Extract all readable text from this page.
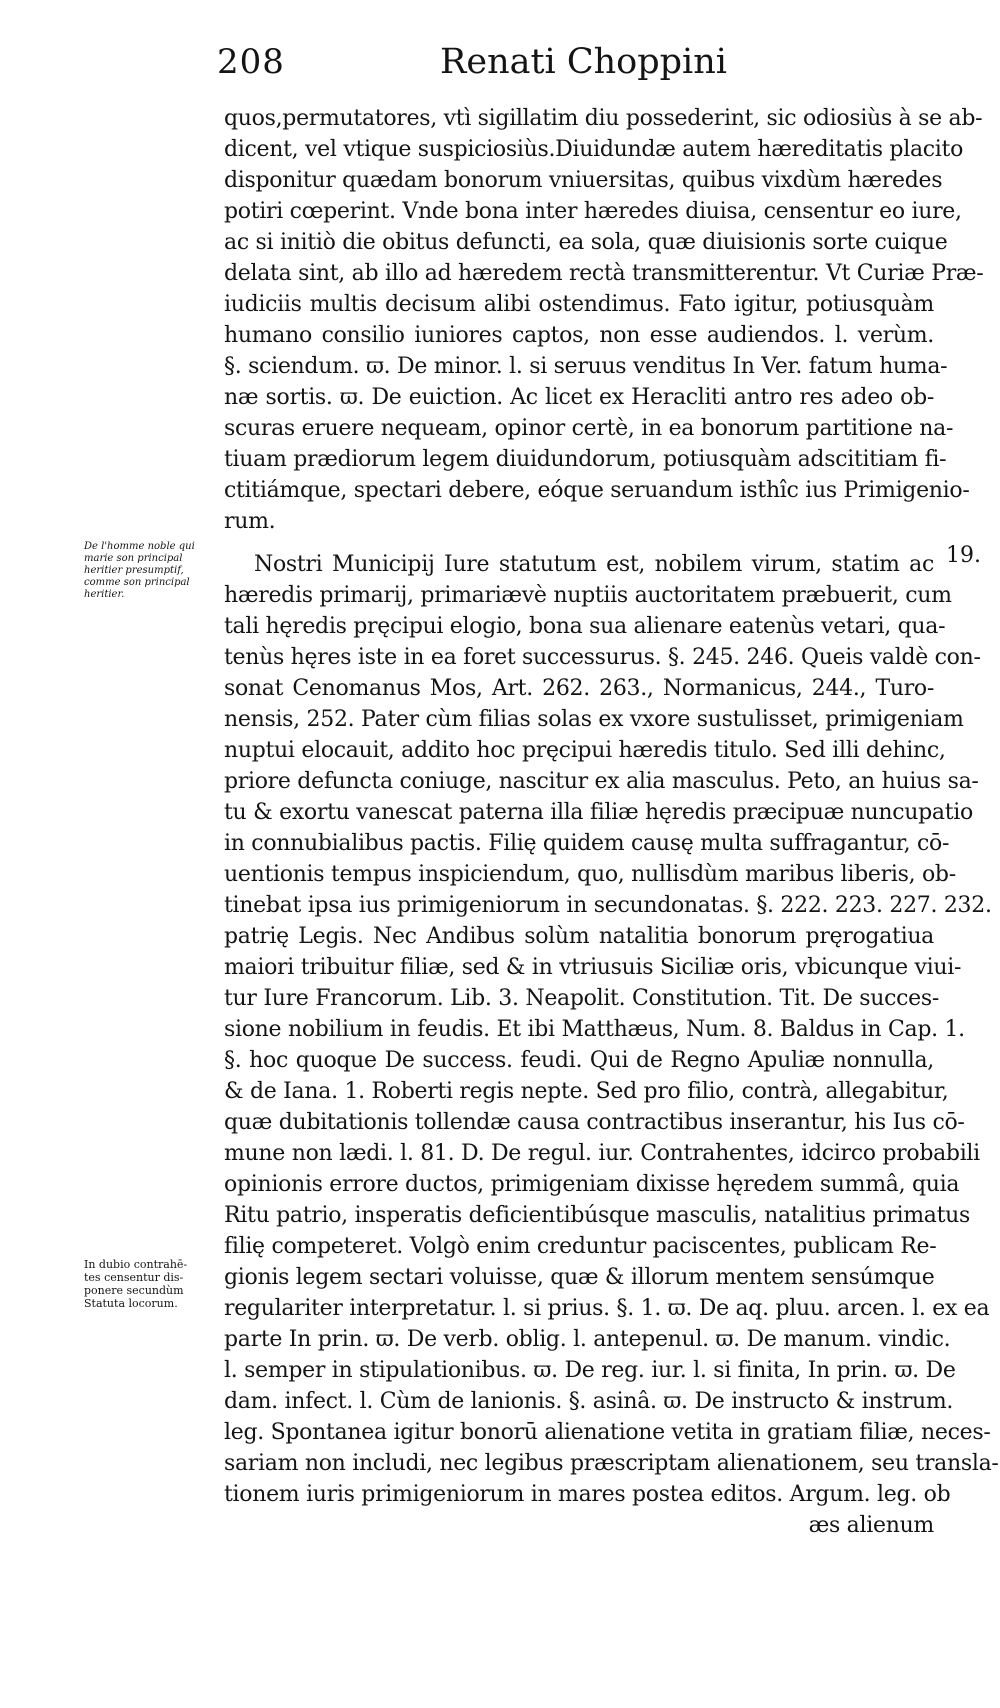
208	Renati Choppini
quos,permutatores, vtì sigillatim diu possederint, sic odiosiùs à se ab-
dicent, vel vtique suspiciosiùs.Diuidundæ autem hæreditatis placito
disponitur quædam bonorum vniuersitas, quibus vixdùm hæredes
potiri cœperint. Vnde bona inter hæredes diuisa, censentur eo iure,
ac si initiò die obitus defuncti, ea sola, quæ diuisionis sorte cuique
delata sint, ab illo ad hæredem rectà transmitterentur. Vt Curiæ Præ-
iudiciis multis decisum alibi ostendimus. Fato igitur, potiusquàm
humano consilio iuniores captos, non esse audiendos. l. verùm.
§. sciendum. ϖ. De minor. l. si seruus venditus In Ver. fatum huma-
næ sortis. ϖ. De euiction. Ac licet ex Heracliti antro res adeo ob-
scuras eruere nequeam, opinor certè, in ea bonorum partitione na-
tiuam prædiorum legem diuidundorum, potiusquàm adscititiam fi-
ctitiámque, spectari debere, eóque seruandum isthîc ius Primigenio-
rum.
Nostri Municipij Iure statutum est, nobilem virum, statim ac
hæredis primarij, primariævè nuptiis auctoritatem præbuerit, cum
tali hęredis pręcipui elogio, bona sua alienare eatenùs vetari, qua-
tenùs hęres iste in ea foret successurus. §. 245. 246. Queis valdè con-
sonat Cenomanus Mos, Art. 262. 263., Normanicus, 244., Turo-
nensis, 252. Pater cùm filias solas ex vxore sustulisset, primigeniam
nuptui elocauit, addito hoc pręcipui hæredis titulo. Sed illi dehinc,
priore defuncta coniuge, nascitur ex alia masculus. Peto, an huius sa-
tu & exortu vanescat paterna illa filiæ hęredis præcipuæ nuncupatio
in connubialibus pactis. Filię quidem causę multa suffragantur, cō-
uentionis tempus inspiciendum, quo, nullisdùm maribus liberis, ob-
tinebat ipsa ius primigeniorum in secundonatas. §. 222. 223. 227. 232.
patrię Legis. Nec Andibus solùm natalitia bonorum pręrogatiua
maiori tribuitur filiæ, sed & in vtriusuis Siciliæ oris, vbicunque viui-
tur Iure Francorum. Lib. 3. Neapolit. Constitution. Tit. De succes-
sione nobilium in feudis. Et ibi Matthæus, Num. 8. Baldus in Cap. 1.
§. hoc quoque De success. feudi. Qui de Regno Apuliæ nonnulla,
& de Iana. 1. Roberti regis nepte. Sed pro filio, contrà, allegabitur,
quæ dubitationis tollendæ causa contractibus inserantur, his Ius cō-
mune non lædi. l. 81. D. De regul. iur. Contrahentes, idcirco probabili
opinionis errore ductos, primigeniam dixisse hęredem summâ, quia
Ritu patrio, insperatis deficientibúsque masculis, natalitius primatus
filię competeret. Volgò enim creduntur paciscentes, publicam Re-
gionis legem sectari voluisse, quæ & illorum mentem sensúmque
regulariter interpretatur. l. si prius. §. 1. ϖ. De aq. pluu. arcen. l. ex ea
parte In prin. ϖ. De verb. oblig. l. antepenul. ϖ. De manum. vindic.
l. semper in stipulationibus. ϖ. De reg. iur. l. si finita, In prin. ϖ. De
dam. infect. l. Cùm de lanionis. §. asinâ. ϖ. De instructo & instrum.
leg. Spontanea igitur bonorū alienatione vetita in gratiam filiæ, neces-
sariam non includi, nec legibus præscriptam alienationem, seu transla-
tionem iuris primigeniorum in mares postea editos. Argum. leg. ob
æs alienum
19.
De l'homme noble qui
marie son principal
heritier presumptif,
comme son principal
heritier.
In dubio contrahē-
tes censentur dis-
ponere secundùm
Statuta locorum.
